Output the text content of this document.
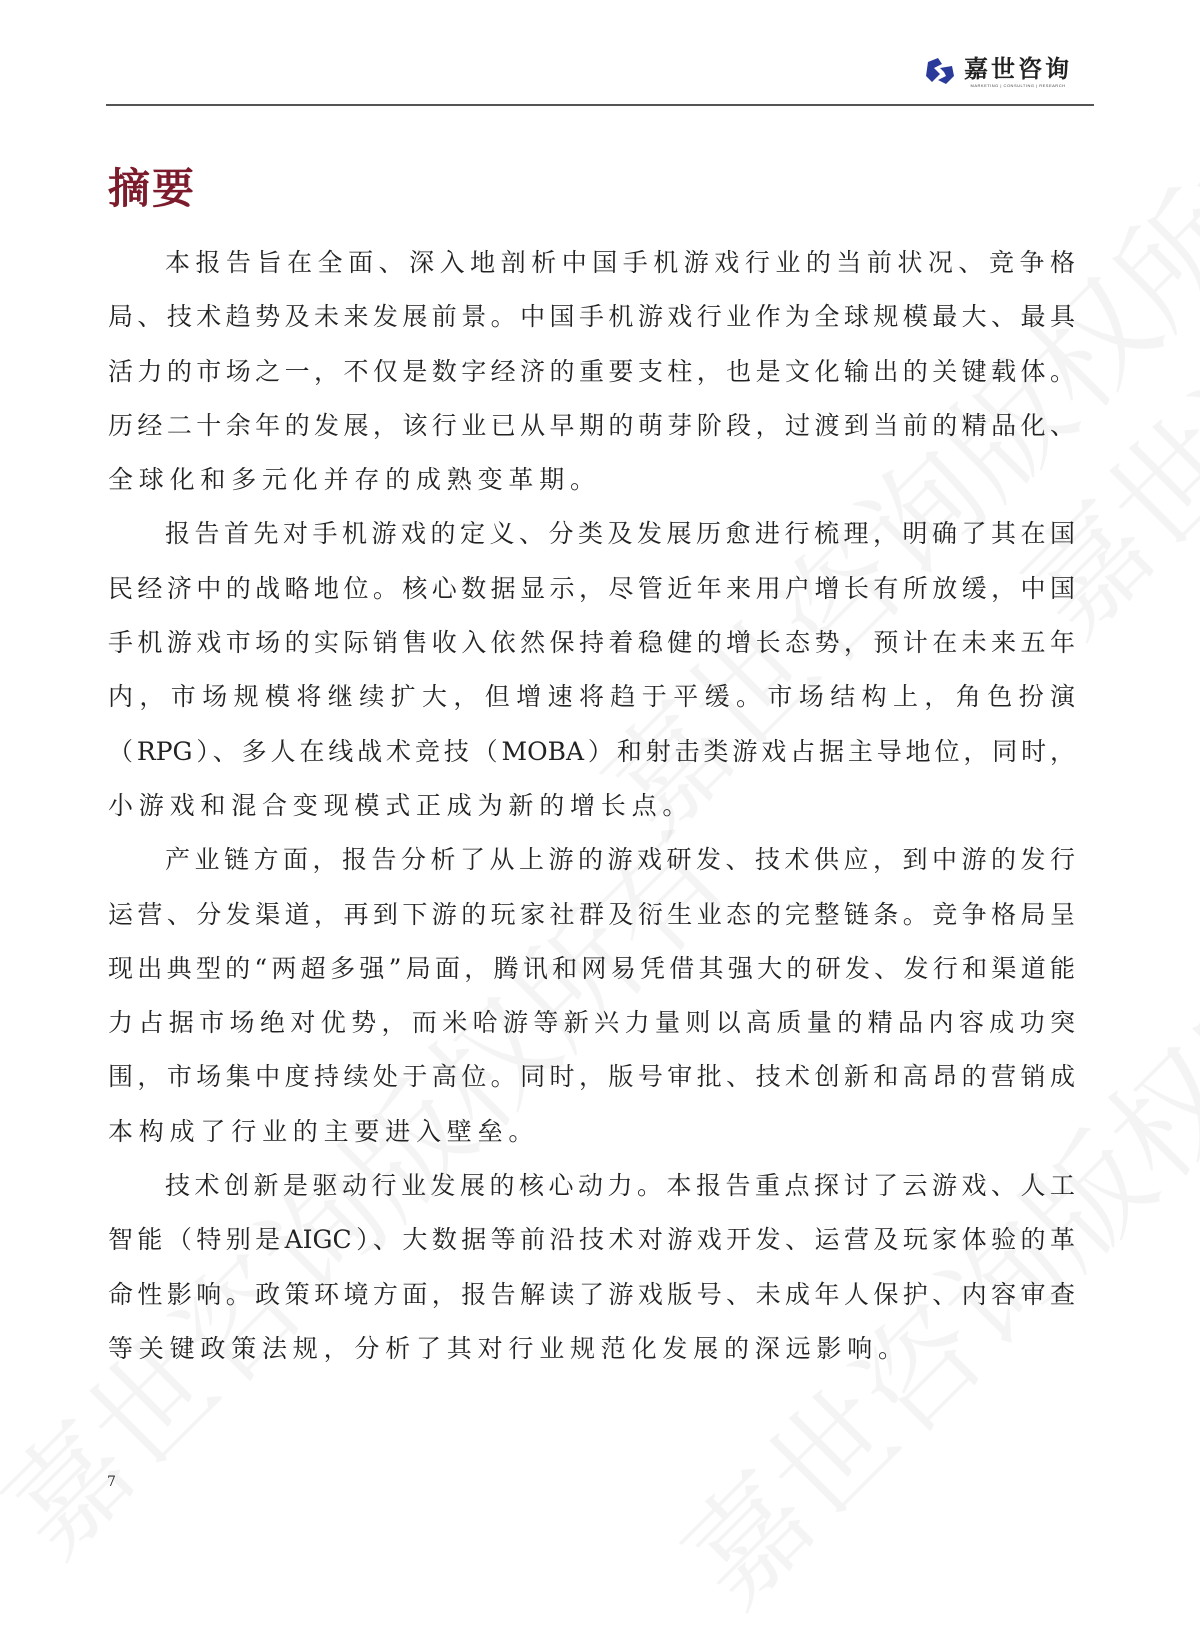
嘉世咨询
MARKETING | CONSULTING | RESEARCH
摘要
本报告旨在全面、深入地剖析中国手机游戏行业的当前状况、竞争格
局、技术趋势及未来发展前景。中国手机游戏行业作为全球规模最大、最具
活力的市场之一，不仅是数字经济的重要支柱，也是文化输出的关键载体。
历经二十余年的发展，该行业已从早期的萌芽阶段，过渡到当前的精品化、
全球化和多元化并存的成熟变革期。
报告首先对手机游戏的定义、分类及发展历愈进行梳理，明确了其在国
民经济中的战略地位。核心数据显示，尽管近年来用户增长有所放缓，中国
手机游戏市场的实际销售收入依然保持着稳健的增长态势，预计在未来五年
内，市场规模将继续扩大，但增速将趋于平缓。市场结构上，角色扮演
（RPG）、多人在线战术竞技（MOBA）和射击类游戏占据主导地位，同时，
小游戏和混合变现模式正成为新的增长点。
产业链方面，报告分析了从上游的游戏研发、技术供应，到中游的发行
运营、分发渠道，再到下游的玩家社群及衍生业态的完整链条。竞争格局呈
现出典型的“两超多强”局面，腾讯和网易凭借其强大的研发、发行和渠道能
力占据市场绝对优势，而米哈游等新兴力量则以高质量的精品内容成功突
围，市场集中度持续处于高位。同时，版号审批、技术创新和高昂的营销成
本构成了行业的主要进入壁垒。
技术创新是驱动行业发展的核心动力。本报告重点探讨了云游戏、人工
智能（特别是AIGC）、大数据等前沿技术对游戏开发、运营及玩家体验的革
命性影响。政策环境方面，报告解读了游戏版号、未成年人保护、内容审查
等关键政策法规，分析了其对行业规范化发展的深远影响。
7
